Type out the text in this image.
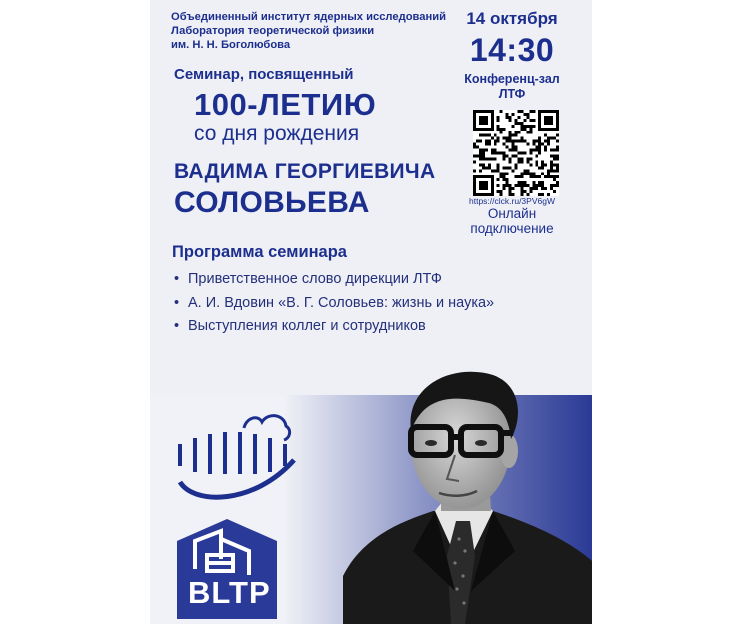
Объединенный институт ядерных исследований
Лаборатория теоретической физики
им. Н. Н. Боголюбова
14 октября
14:30
Конференц-зал
ЛТФ
https://clck.ru/3PV6gW
Онлайн
подключение
Семинар, посвященный
100-ЛЕТИЮ
со дня рождения
ВАДИМА ГЕОРГИЕВИЧА
СОЛОВЬЕВА
Программа семинара
• Приветственное слово дирекции ЛТФ
• А. И. Вдовин «В. Г. Соловьев: жизнь и наука»
• Выступления коллег и сотрудников
BLTP
